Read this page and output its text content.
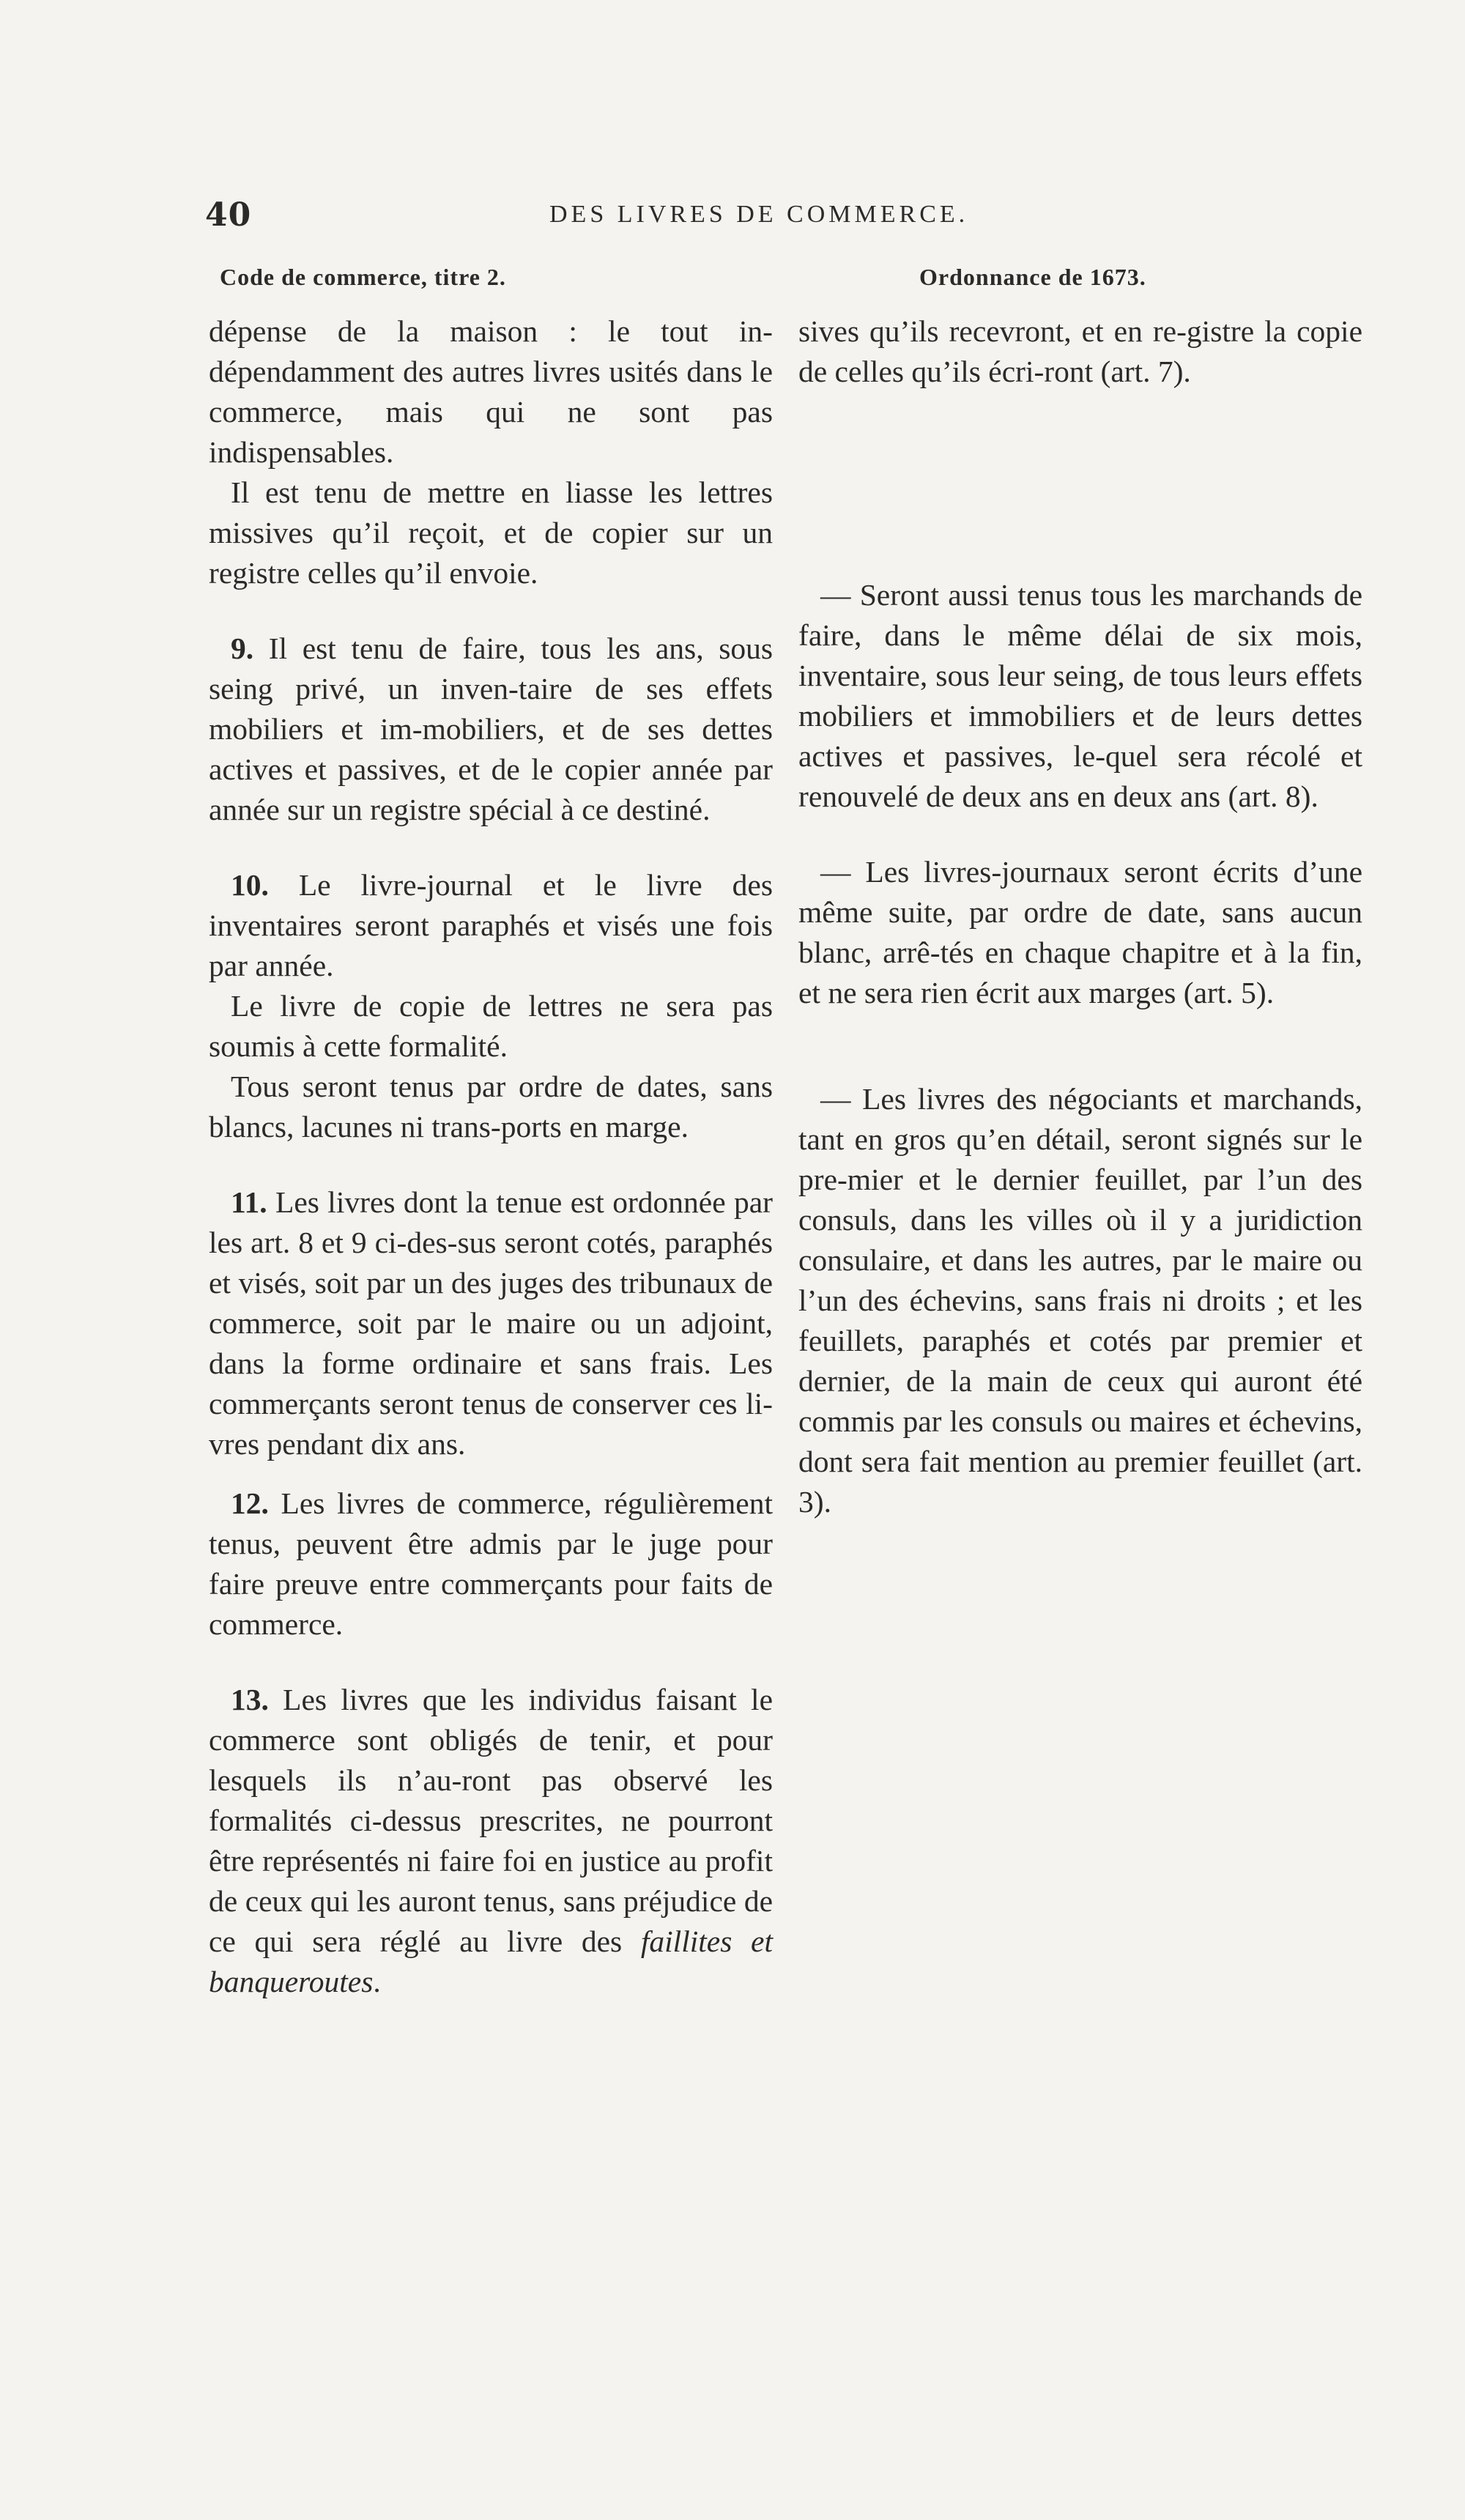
40	DES LIVRES DE COMMERCE.
Code de commerce, titre 2.	Ordonnance de 1673.

dépense de la maison : le tout in-dépendamment des autres livres usités dans le commerce, mais qui ne sont pas indispensables.

Il est tenu de mettre en liasse les lettres missives qu’il reçoit, et de copier sur un registre celles qu’il envoie.

9. Il est tenu de faire, tous les ans, sous seing privé, un inven-taire de ses effets mobiliers et im-mobiliers, et de ses dettes actives et passives, et de le copier année par année sur un registre spécial à ce destiné.

10. Le livre-journal et le livre des inventaires seront paraphés et visés une fois par année.

Le livre de copie de lettres ne sera pas soumis à cette formalité.

Tous seront tenus par ordre de dates, sans blancs, lacunes ni trans-ports en marge.

11. Les livres dont la tenue est ordonnée par les art. 8 et 9 ci-des-sus seront cotés, paraphés et visés, soit par un des juges des tribunaux de commerce, soit par le maire ou un adjoint, dans la forme ordinaire et sans frais. Les commerçants seront tenus de conserver ces li-vres pendant dix ans.

12. Les livres de commerce, régulièrement tenus, peuvent être admis par le juge pour faire preuve entre commerçants pour faits de commerce.

13. Les livres que les individus faisant le commerce sont obligés de tenir, et pour lesquels ils n’au-ront pas observé les formalités ci-dessus prescrites, ne pourront être représentés ni faire foi en justice au profit de ceux qui les auront tenus, sans préjudice de ce qui sera réglé au livre des faillites et banqueroutes.

sives qu’ils recevront, et en re-gistre la copie de celles qu’ils écri-ront (art. 7).

— Seront aussi tenus tous les marchands de faire, dans le même délai de six mois, inventaire, sous leur seing, de tous leurs effets mobiliers et immobiliers et de leurs dettes actives et passives, le-quel sera récolé et renouvelé de deux ans en deux ans (art. 8).

— Les livres-journaux seront écrits d’une même suite, par ordre de date, sans aucun blanc, arrê-tés en chaque chapitre et à la fin, et ne sera rien écrit aux marges (art. 5).

— Les livres des négociants et marchands, tant en gros qu’en détail, seront signés sur le pre-mier et le dernier feuillet, par l’un des consuls, dans les villes où il y a juridiction consulaire, et dans les autres, par le maire ou l’un des échevins, sans frais ni droits ; et les feuillets, paraphés et cotés par premier et dernier, de la main de ceux qui auront été commis par les consuls ou maires et échevins, dont sera fait mention au premier feuillet (art. 3).
